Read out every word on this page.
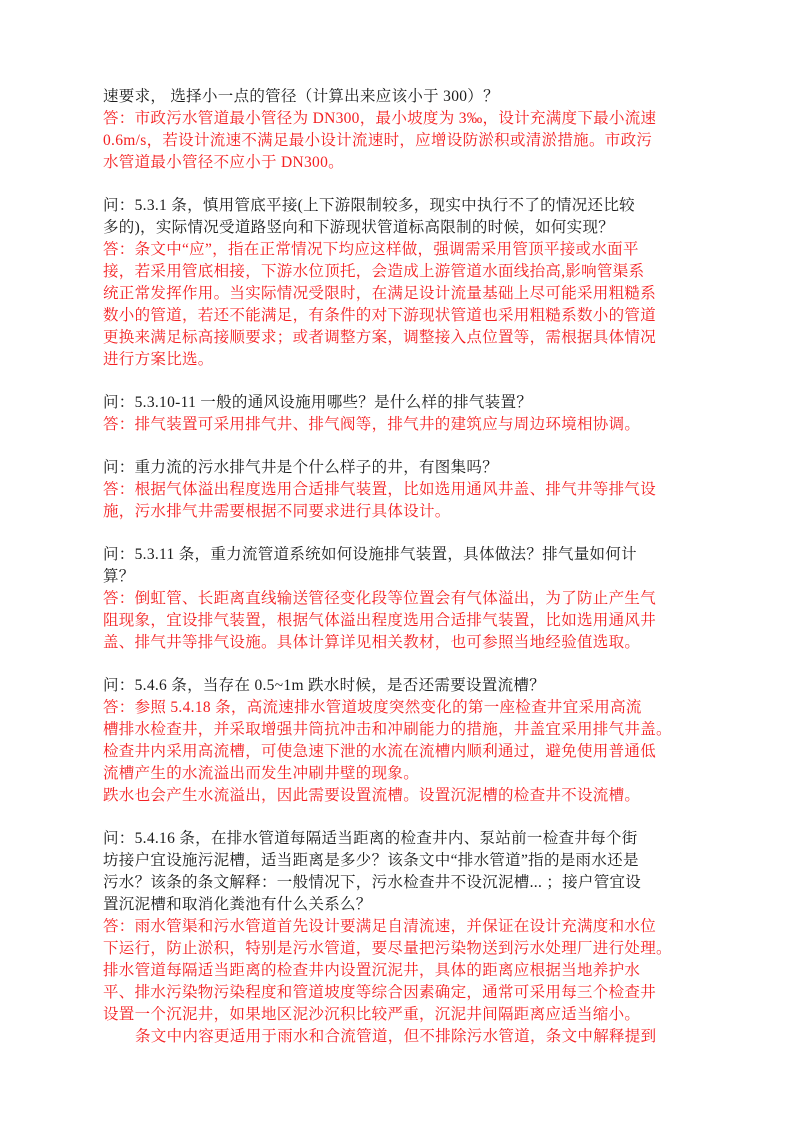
速要求， 选择小一点的管径（计算出来应该小于 300）？
答：市政污水管道最小管径为 DN300，最小坡度为 3‰，设计充满度下最小流速
0.6m/s，若设计流速不满足最小设计流速时，应增设防淤积或清淤措施。市政污
水管道最小管径不应小于 DN300。
问：5.3.1 条，慎用管底平接(上下游限制较多，现实中执行不了的情况还比较
多的)，实际情况受道路竖向和下游现状管道标高限制的时候，如何实现？
答：条文中“应”，指在正常情况下均应这样做，强调需采用管顶平接或水面平
接，若采用管底相接，下游水位顶托，会造成上游管道水面线抬高,影响管渠系
统正常发挥作用。当实际情况受限时，在满足设计流量基础上尽可能采用粗糙系
数小的管道，若还不能满足，有条件的对下游现状管道也采用粗糙系数小的管道
更换来满足标高接顺要求；或者调整方案，调整接入点位置等，需根据具体情况
进行方案比选。
问：5.3.10-11 一般的通风设施用哪些？是什么样的排气装置？
答：排气装置可采用排气井、排气阀等，排气井的建筑应与周边环境相协调。
问：重力流的污水排气井是个什么样子的井，有图集吗？
答：根据气体溢出程度选用合适排气装置，比如选用通风井盖、排气井等排气设
施，污水排气井需要根据不同要求进行具体设计。
问：5.3.11 条，重力流管道系统如何设施排气装置，具体做法？排气量如何计
算？
答：倒虹管、长距离直线输送管径变化段等位置会有气体溢出，为了防止产生气
阻现象，宜设排气装置，根据气体溢出程度选用合适排气装置，比如选用通风井
盖、排气井等排气设施。具体计算详见相关教材，也可参照当地经验值选取。
问：5.4.6 条，当存在 0.5~1m 跌水时候，是否还需要设置流槽？
答：参照 5.4.18 条，高流速排水管道坡度突然变化的第一座检查井宜采用高流
槽排水检查井，并采取增强井筒抗冲击和冲刷能力的措施，井盖宜采用排气井盖。
检查井内采用高流槽，可使急速下泄的水流在流槽内顺利通过，避免使用普通低
流槽产生的水流溢出而发生冲刷井壁的现象。
跌水也会产生水流溢出，因此需要设置流槽。设置沉泥槽的检查井不设流槽。
问：5.4.16 条，在排水管道每隔适当距离的检查井内、泵站前一检查井每个街
坊接户宜设施污泥槽，适当距离是多少？该条文中“排水管道”指的是雨水还是
污水？该条的条文解释：一般情况下，污水检查井不设沉泥槽... ；接户管宜设
置沉泥槽和取消化粪池有什么关系么？
答：雨水管渠和污水管道首先设计要满足自清流速，并保证在设计充满度和水位
下运行，防止淤积，特别是污水管道，要尽量把污染物送到污水处理厂进行处理。
排水管道每隔适当距离的检查井内设置沉泥井，具体的距离应根据当地养护水
平、排水污染物污染程度和管道坡度等综合因素确定，通常可采用每三个检查井
设置一个沉泥井，如果地区泥沙沉积比较严重，沉泥井间隔距离应适当缩小。
条文中内容更适用于雨水和合流管道，但不排除污水管道，条文中解释提到
